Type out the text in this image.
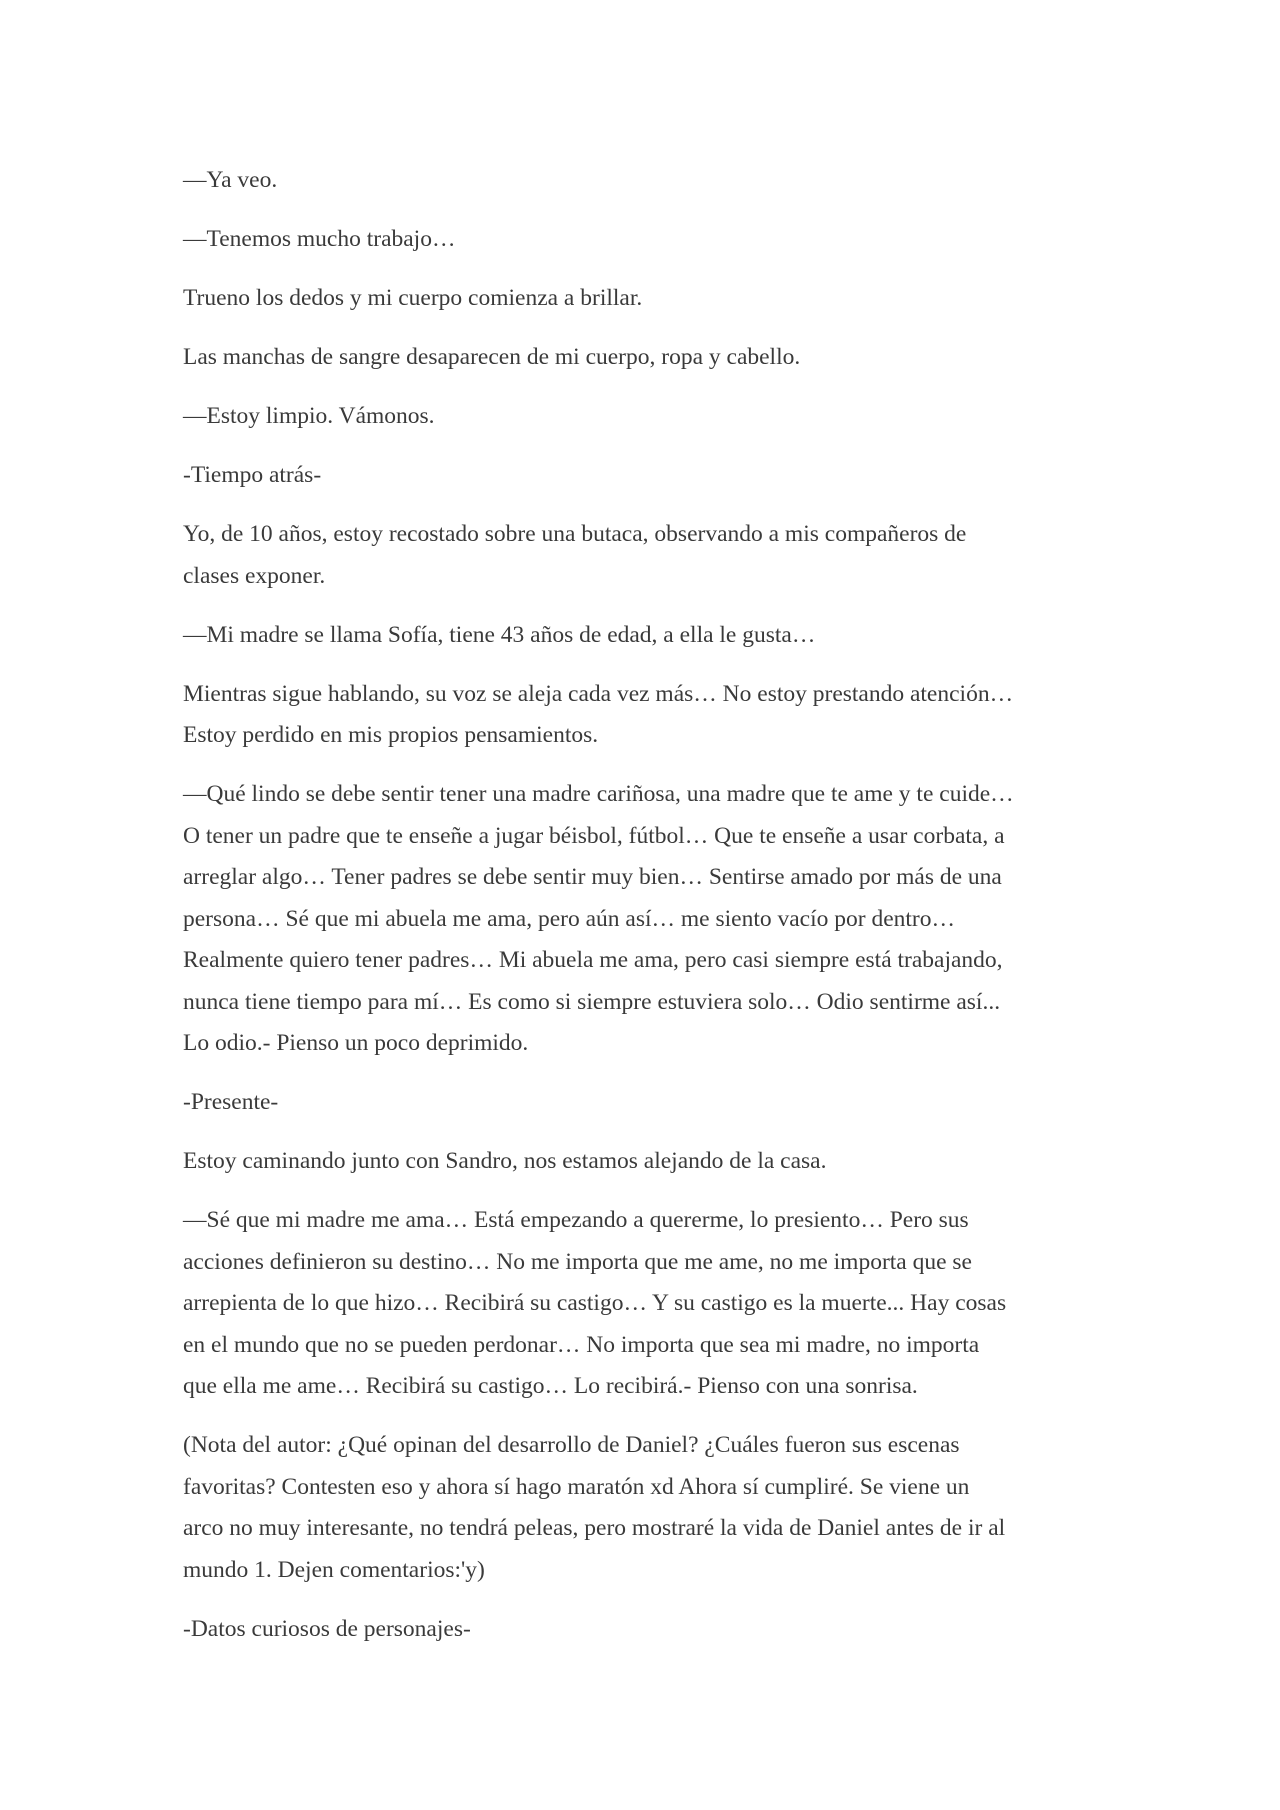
—Ya veo.

—Tenemos mucho trabajo…

Trueno los dedos y mi cuerpo comienza a brillar.

Las manchas de sangre desaparecen de mi cuerpo, ropa y cabello.

—Estoy limpio. Vámonos.

-Tiempo atrás-

Yo, de 10 años, estoy recostado sobre una butaca, observando a mis compañeros de
clases exponer.

—Mi madre se llama Sofía, tiene 43 años de edad, a ella le gusta…

Mientras sigue hablando, su voz se aleja cada vez más… No estoy prestando atención…
Estoy perdido en mis propios pensamientos.

—Qué lindo se debe sentir tener una madre cariñosa, una madre que te ame y te cuide…
O tener un padre que te enseñe a jugar béisbol, fútbol… Que te enseñe a usar corbata, a
arreglar algo… Tener padres se debe sentir muy bien… Sentirse amado por más de una
persona… Sé que mi abuela me ama, pero aún así… me siento vacío por dentro…
Realmente quiero tener padres… Mi abuela me ama, pero casi siempre está trabajando,
nunca tiene tiempo para mí… Es como si siempre estuviera solo… Odio sentirme así...
Lo odio.- Pienso un poco deprimido.

-Presente-

Estoy caminando junto con Sandro, nos estamos alejando de la casa.

—Sé que mi madre me ama… Está empezando a quererme, lo presiento… Pero sus
acciones definieron su destino… No me importa que me ame, no me importa que se
arrepienta de lo que hizo… Recibirá su castigo… Y su castigo es la muerte... Hay cosas
en el mundo que no se pueden perdonar… No importa que sea mi madre, no importa
que ella me ame… Recibirá su castigo… Lo recibirá.- Pienso con una sonrisa.

(Nota del autor: ¿Qué opinan del desarrollo de Daniel? ¿Cuáles fueron sus escenas
favoritas? Contesten eso y ahora sí hago maratón xd Ahora sí cumpliré. Se viene un
arco no muy interesante, no tendrá peleas, pero mostraré la vida de Daniel antes de ir al
mundo 1. Dejen comentarios:'y)

-Datos curiosos de personajes-
